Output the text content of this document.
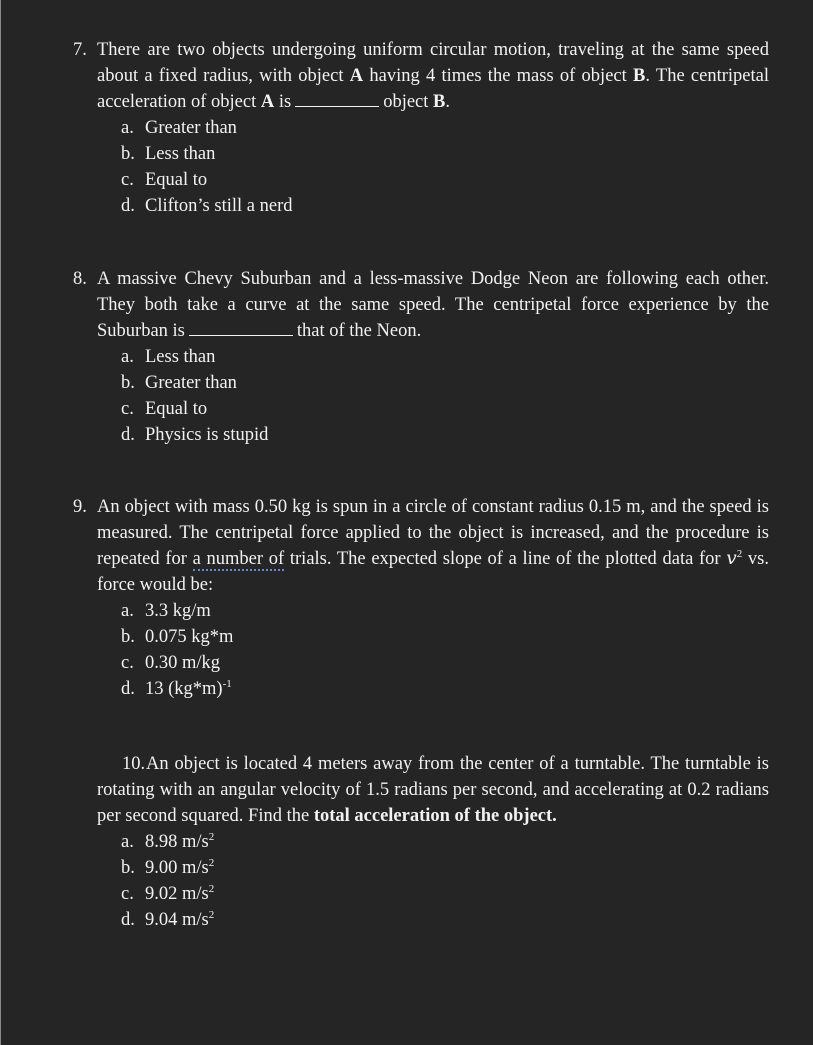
7. There are two objects undergoing uniform circular motion, traveling at the same speed about a fixed radius, with object A having 4 times the mass of object B. The centripetal acceleration of object A is	object B.
a. Greater than
b. Less than
c. Equal to
d. Clifton’s still a nerd
8. A massive Chevy Suburban and a less-massive Dodge Neon are following each other. They both take a curve at the same speed. The centripetal force experience by the Suburban is	that of the Neon.
a. Less than
b. Greater than
c. Equal to
d. Physics is stupid
9. An object with mass 0.50 kg is spun in a circle of constant radius 0.15 m, and the speed is measured. The centripetal force applied to the object is increased, and the procedure is repeated for a number of trials. The expected slope of a line of the plotted data for $v^2$ vs. force would be:
a. 3.3 kg/m
b. 0.075 kg*m
c. 0.30 m/kg
d. 13 $(kg*m)^{-1}$
10. An object is located 4 meters away from the center of a turntable. The turntable is rotating with an angular velocity of 1.5 radians per second, and accelerating at 0.2 radians per second squared. Find the total acceleration of the object.
a. 8.98 $m/s^2$
b. 9.00 $m/s^2$
c. 9.02 $m/s^2$
d. 9.04 $m/s^2$
